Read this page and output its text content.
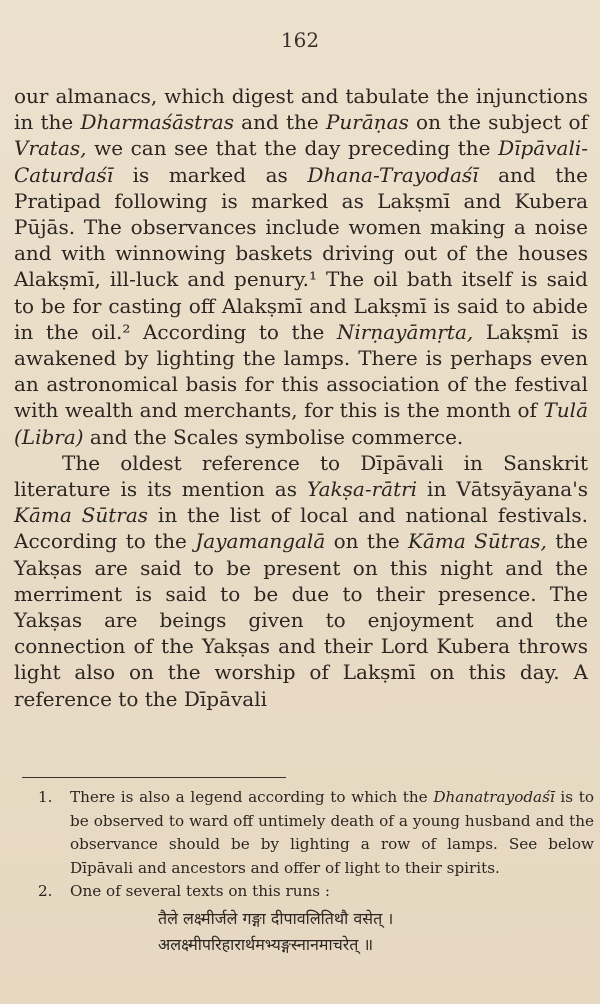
162

our almanacs, which digest and tabulate the injunctions in the Dharmaśāstras and the Purāṇas on the subject of Vratas, we can see that the day preceding the Dīpāvali-Caturdaśī is marked as Dhana-Trayodaśī and the Pratipad following is marked as Lakṣmī and Kubera Pūjās. The observances include women making a noise and with winnowing baskets driving out of the houses Alakṣmī, ill-luck and penury.¹ The oil bath itself is said to be for casting off Alakṣmī and Lakṣmī is said to abide in the oil.² According to the Nirṇayāmṛta, Lakṣmī is awakened by lighting the lamps. There is perhaps even an astronomical basis for this association of the festival with wealth and merchants, for this is the month of Tulā (Libra) and the Scales symbolise commerce.

The oldest reference to Dīpāvali in Sanskrit literature is its mention as Yakṣa-rātri in Vātsyāyana's Kāma Sūtras in the list of local and national festivals. According to the Jayamangalā on the Kāma Sūtras, the Yakṣas are said to be present on this night and the merriment is said to be due to their presence. The Yakṣas are beings given to enjoyment and the connection of the Yakṣas and their Lord Kubera throws light also on the worship of Lakṣmī on this day. A reference to the Dīpāvali

1. There is also a legend according to which the Dhanatrayodaśī is to be observed to ward off untimely death of a young husband and the observance should be by lighting a row of lamps. See below Dīpāvali and ancestors and offer of light to their spirits.
2. One of several texts on this runs :
तैले लक्ष्मीर्जले गङ्गा दीपावलितिथौ वसेत् ।
अलक्ष्मीपरिहारार्थमभ्यङ्गस्नानमाचरेत् ॥
